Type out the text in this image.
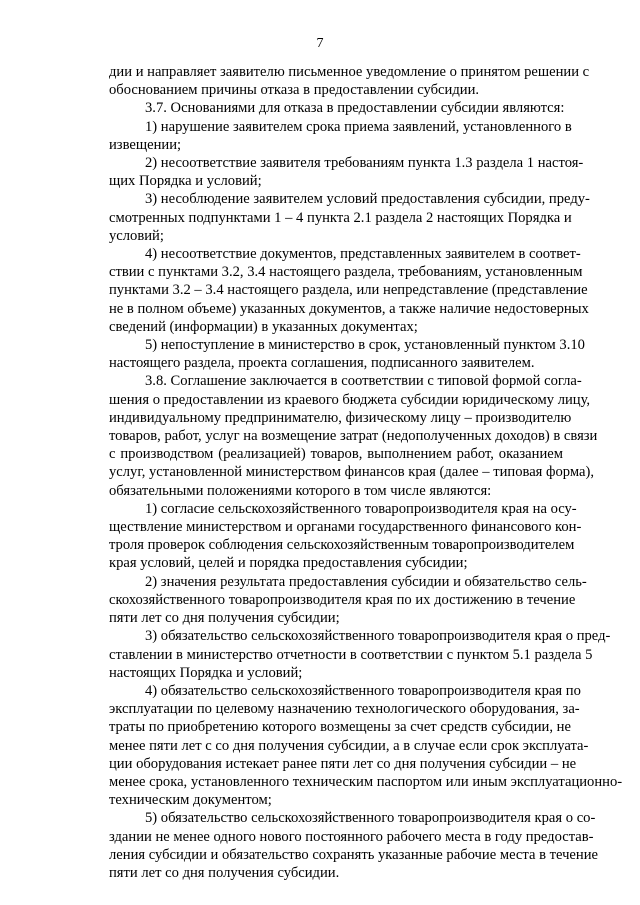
7
дии и направляет заявителю письменное уведомление о принятом решении с
обоснованием причины отказа в предоставлении субсидии.
3.7. Основаниями для отказа в предоставлении субсидии являются:
1) нарушение заявителем срока приема заявлений, установленного в
извещении;
2) несоответствие заявителя требованиям пункта 1.3 раздела 1 настоя-
щих Порядка и условий;
3) несоблюдение заявителем условий предоставления субсидии, преду-
смотренных подпунктами 1 – 4 пункта 2.1 раздела 2 настоящих Порядка и
условий;
4) несоответствие документов, представленных заявителем в соответ-
ствии с пунктами 3.2, 3.4 настоящего раздела, требованиям, установленным
пунктами 3.2 – 3.4 настоящего раздела, или непредставление (представление
не в полном объеме) указанных документов, а также наличие недостоверных
сведений (информации) в указанных документах;
5) непоступление в министерство в срок, установленный пунктом 3.10
настоящего раздела, проекта соглашения, подписанного заявителем.
3.8. Соглашение заключается в соответствии с типовой формой согла-
шения о предоставлении из краевого бюджета субсидии юридическому лицу,
индивидуальному предпринимателю, физическому лицу – производителю
товаров, работ, услуг на возмещение затрат (недополученных доходов) в связи
с производством (реализацией) товаров, выполнением работ, оказанием
услуг, установленной министерством финансов края (далее – типовая форма),
обязательными положениями которого в том числе являются:
1) согласие сельскохозяйственного товаропроизводителя края на осу-
ществление министерством и органами государственного финансового кон-
троля проверок соблюдения сельскохозяйственным товаропроизводителем
края условий, целей и порядка предоставления субсидии;
2) значения результата предоставления субсидии и обязательство сель-
скохозяйственного товаропроизводителя края по их достижению в течение
пяти лет со дня получения субсидии;
3) обязательство сельскохозяйственного товаропроизводителя края о пред-
ставлении в министерство отчетности в соответствии с пунктом 5.1 раздела 5
настоящих Порядка и условий;
4) обязательство сельскохозяйственного товаропроизводителя края по
эксплуатации по целевому назначению технологического оборудования, за-
траты по приобретению которого возмещены за счет средств субсидии, не
менее пяти лет с со дня получения субсидии, а в случае если срок эксплуата-
ции оборудования истекает ранее пяти лет со дня получения субсидии – не
менее срока, установленного техническим паспортом или иным эксплуатационно-
техническим документом;
5) обязательство сельскохозяйственного товаропроизводителя края о со-
здании не менее одного нового постоянного рабочего места в году предостав-
ления субсидии и обязательство сохранять указанные рабочие места в течение
пяти лет со дня получения субсидии.
